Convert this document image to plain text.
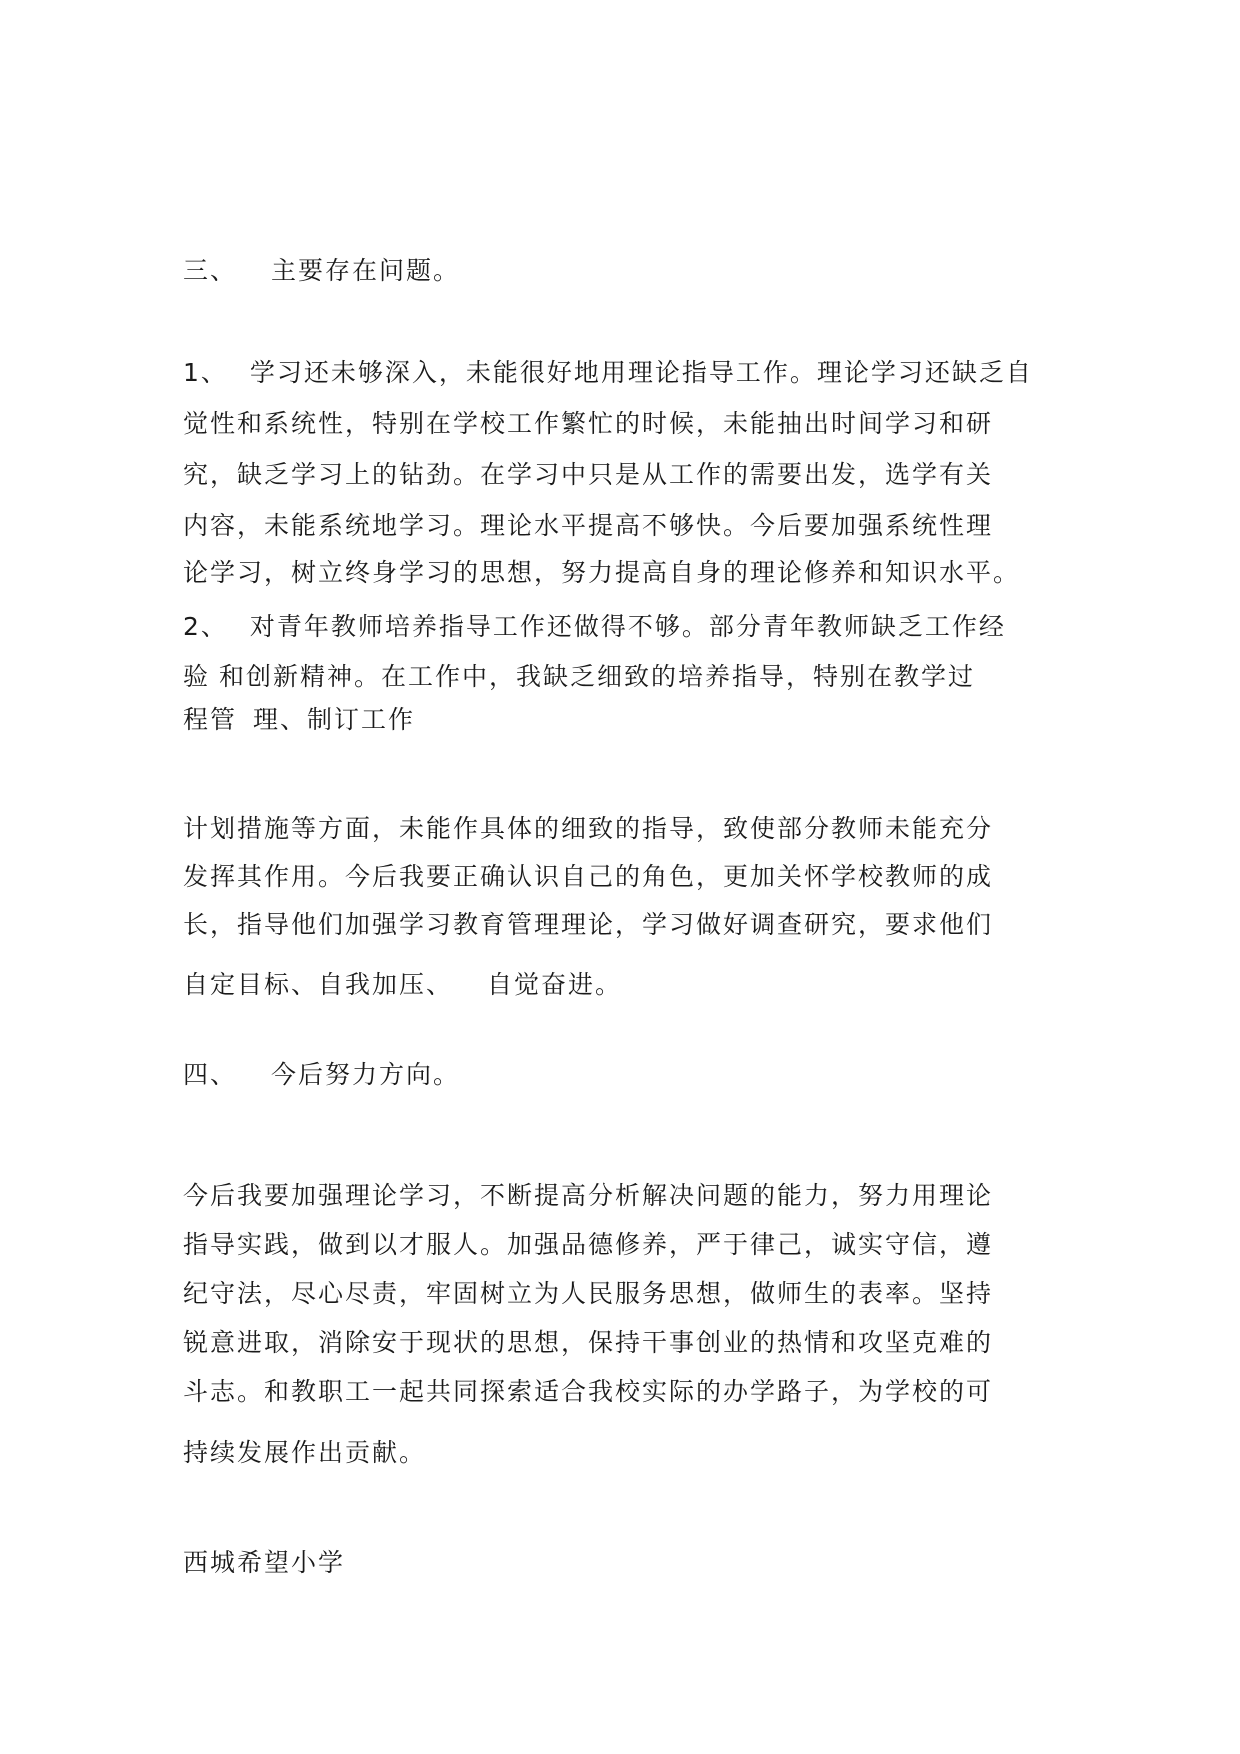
三、 主要存在问题。

1、 学习还未够深入，未能很好地用理论指导工作。理论学习还缺乏自

觉性和系统性，特别在学校工作繁忙的时候，未能抽出时间学习和研

究，缺乏学习上的钻劲。在学习中只是从工作的需要出发，选学有关

内容，未能系统地学习。理论水平提高不够快。今后要加强系统性理

论学习，树立终身学习的思想，努力提高自身的理论修养和知识水平。

2、 对青年教师培养指导工作还做得不够。部分青年教师缺乏工作经

验 和创新精神。在工作中，我缺乏细致的培养指导，特别在教学过

程管 理、制订工作

计划措施等方面，未能作具体的细致的指导，致使部分教师未能充分

发挥其作用。今后我要正确认识自己的角色，更加关怀学校教师的成

长，指导他们加强学习教育管理理论，学习做好调查研究，要求他们

自定目标、自我加压、 自觉奋进。

四、 今后努力方向。

今后我要加强理论学习，不断提高分析解决问题的能力，努力用理论

指导实践，做到以才服人。加强品德修养，严于律己，诚实守信，遵

纪守法，尽心尽责，牢固树立为人民服务思想，做师生的表率。坚持

锐意进取，消除安于现状的思想，保持干事创业的热情和攻坚克难的

斗志。和教职工一起共同探索适合我校实际的办学路子，为学校的可

持续发展作出贡献。

西城希望小学
